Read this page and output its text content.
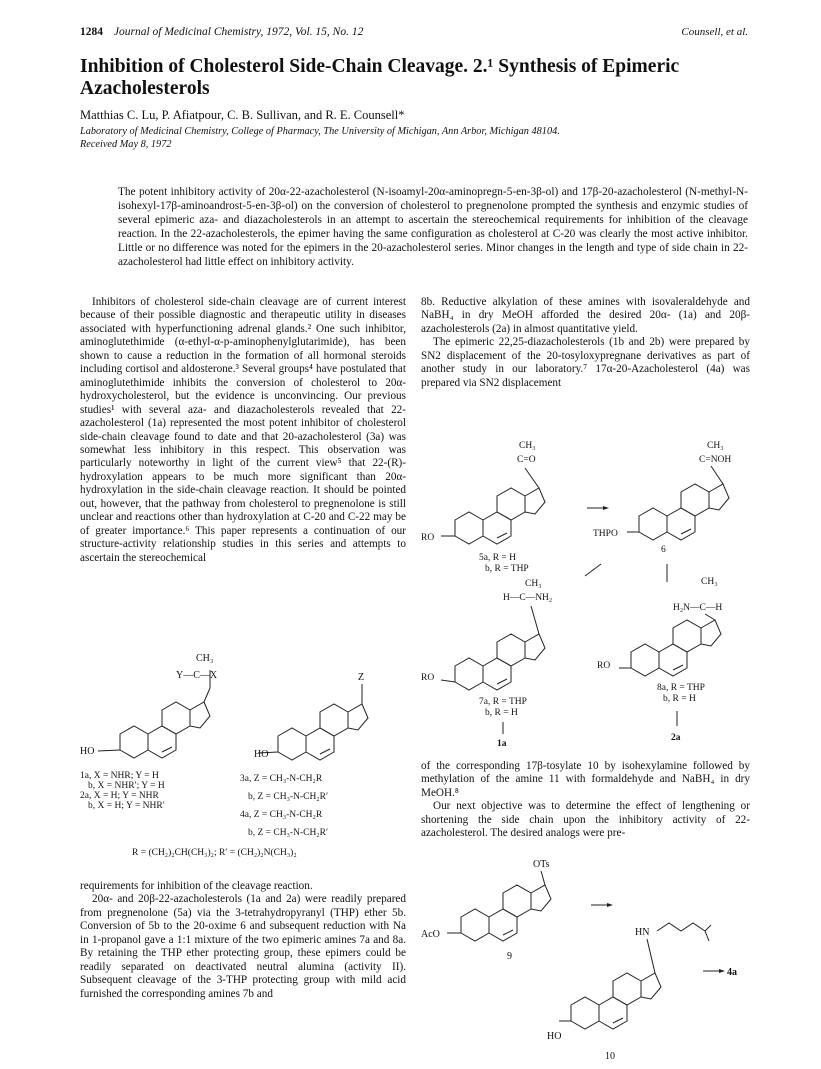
1284 Journal of Medicinal Chemistry, 1972, Vol. 15, No. 12	Counsell, et al.
Inhibition of Cholesterol Side-Chain Cleavage. 2.¹ Synthesis of Epimeric Azacholesterols
Matthias C. Lu, P. Afiatpour, C. B. Sullivan, and R. E. Counsell*
Laboratory of Medicinal Chemistry, College of Pharmacy, The University of Michigan, Ann Arbor, Michigan 48104.
Received May 8, 1972
The potent inhibitory activity of 20α-22-azacholesterol (N-isoamyl-20α-aminopregn-5-en-3β-ol) and 17β-20-azacholesterol (N-methyl-N-isohexyl-17β-aminoandrost-5-en-3β-ol) on the conversion of cholesterol to pregnenolone prompted the synthesis and enzymic studies of several epimeric aza- and diazacholesterols in an attempt to ascertain the stereochemical requirements for inhibition of the cleavage reaction. In the 22-azacholesterols, the epimer having the same configuration as cholesterol at C-20 was clearly the most active inhibitor. Little or no difference was noted for the epimers in the 20-azacholesterol series. Minor changes in the length and type of side chain in 22-azacholesterol had little effect on inhibitory activity.

Inhibitors of cholesterol side-chain cleavage are of current interest because of their possible diagnostic and therapeutic utility in diseases associated with hyperfunctioning adrenal glands.² One such inhibitor, aminoglutethimide (α-ethyl-α-p-aminophenylglutarimide), has been shown to cause a reduction in the formation of all hormonal steroids including cortisol and aldosterone.³ Several groups⁴ have postulated that aminoglutethimide inhibits the conversion of cholesterol to 20α-hydroxycholesterol, but the evidence is unconvincing. Our previous studies¹ with several aza- and diazacholesterols revealed that 22-azacholesterol (1a) represented the most potent inhibitor of cholesterol side-chain cleavage found to date and that 20-azacholesterol (3a) was somewhat less inhibitory in this respect. This observation was particularly noteworthy in light of the current view⁵ that 22-(R)-hydroxylation appears to be much more significant than 20α-hydroxylation in the side-chain cleavage reaction. It should be pointed out, however, that the pathway from cholesterol to pregnenolone is still unclear and reactions other than hydroxylation at C-20 and C-22 may be of greater importance.⁶ This paper represents a continuation of our structure-activity relationship studies in this series and attempts to ascertain the stereochemical

8b. Reductive alkylation of these amines with isovaleraldehyde and NaBH₄ in dry MeOH afforded the desired 20α- (1a) and 20β-azacholesterols (2a) in almost quantitative yield.

The epimeric 22,25-diazacholesterols (1b and 2b) were prepared by SN2 displacement of the 20-tosyloxypregnane derivatives as part of another study in our laboratory.⁷ 17α-20-Azacholesterol (4a) was prepared via SN2 displacement

of the corresponding 17β-tosylate 10 by isohexylamine followed by methylation of the amine 11 with formaldehyde and NaBH₄ in dry MeOH.⁸

Our next objective was to determine the effect of lengthening or shortening the side chain upon the inhibitory activity of 22-azacholesterol. The desired analogs were pre-

requirements for inhibition of the cleavage reaction.

20α- and 20β-22-azacholesterols (1a and 2a) were readily prepared from pregnenolone (5a) via the 3-tetrahydropyranyl (THP) ether 5b. Conversion of 5b to the 20-oxime 6 and subsequent reduction with Na in 1-propanol gave a 1:1 mixture of the two epimeric amines 7a and 8a. By retaining the THP ether protecting group, these epimers could be readily separated on deactivated neutral alumina (activity II). Subsequent cleavage of the 3-THP protecting group with mild acid furnished the corresponding amines 7b and

CH₃
Y—C—X
HO
Z
HO
1a, X = NHR; Y = H
b, X = NHR′; Y = H
2a, X = H; Y = NHR
b, X = H; Y = NHR′
3a, Z = CH₃-N-CH₂R
b, Z = CH₃-N-CH₂R′
4a, Z = CH₃-N-CH₂R
b, Z = CH₃-N-CH₂R′
R = (CH₂)₂CH(CH₃)₂; R′ = (CH₂)₂N(CH₃)₂
CH₃
C=O
RO
5a, R = H
b, R = THP
CH₃
C=NOH
THPO
6
CH₃
H—C—NH₂
RO
7a, R = THP
b, R = H
1a
CH₃
H₂N—C—H
RO
8a, R = THP
b, R = H
2a
OTs
AcO
9
HN
HO
10
4a
